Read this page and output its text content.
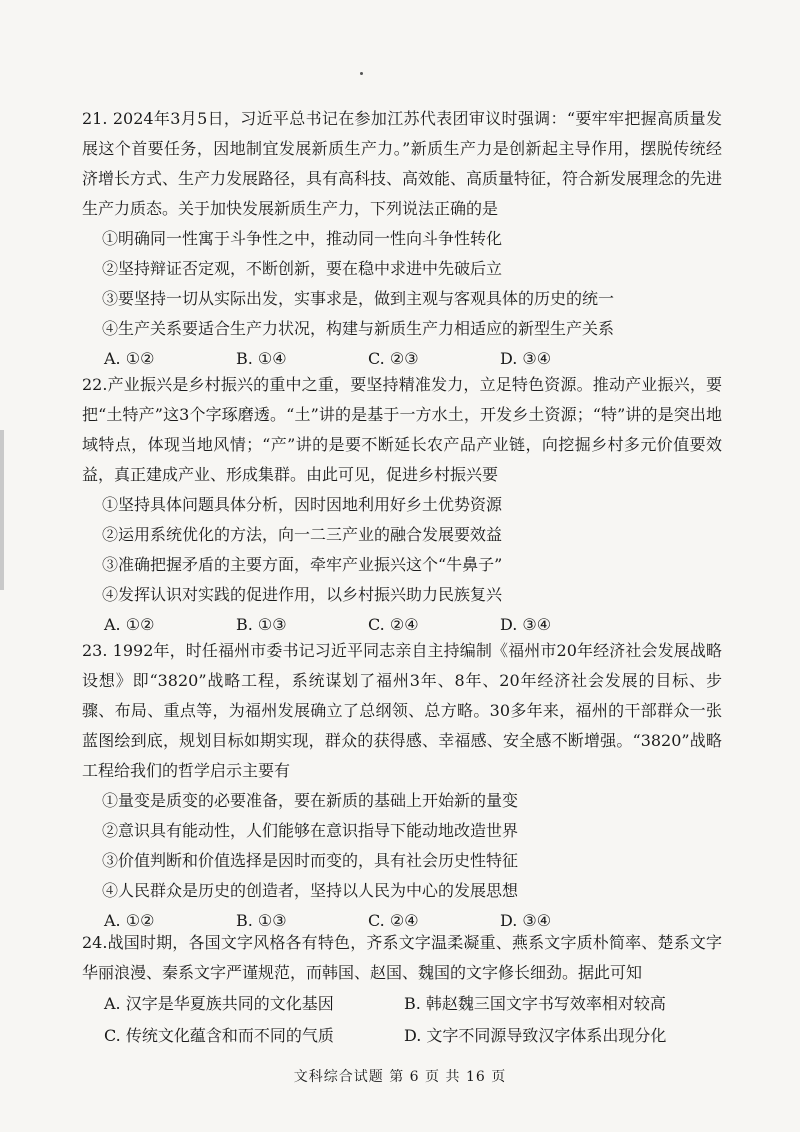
21. 2024年3月5日，习近平总书记在参加江苏代表团审议时强调：“要牢牢把握高质量发展这个首要任务，因地制宜发展新质生产力。”新质生产力是创新起主导作用，摆脱传统经济增长方式、生产力发展路径，具有高科技、高效能、高质量特征，符合新发展理念的先进生产力质态。关于加快发展新质生产力，下列说法正确的是

①明确同一性寓于斗争性之中，推动同一性向斗争性转化

②坚持辩证否定观，不断创新，要在稳中求进中先破后立

③要坚持一切从实际出发，实事求是，做到主观与客观具体的历史的统一

④生产关系要适合生产力状况，构建与新质生产力相适应的新型生产关系

A. ①②	B. ①④	C. ②③	D. ③④

22.产业振兴是乡村振兴的重中之重，要坚持精准发力，立足特色资源。推动产业振兴，要把“土特产”这3个字琢磨透。“土”讲的是基于一方水土，开发乡土资源；“特”讲的是突出地域特点，体现当地风情；“产”讲的是要不断延长农产品产业链，向挖掘乡村多元价值要效益，真正建成产业、形成集群。由此可见，促进乡村振兴要

①坚持具体问题具体分析，因时因地利用好乡土优势资源

②运用系统优化的方法，向一二三产业的融合发展要效益

③准确把握矛盾的主要方面，牵牢产业振兴这个“牛鼻子”

④发挥认识对实践的促进作用，以乡村振兴助力民族复兴

A. ①②	B. ①③	C. ②④	D. ③④

23. 1992年，时任福州市委书记习近平同志亲自主持编制《福州市20年经济社会发展战略设想》即“3820”战略工程，系统谋划了福州3年、8年、20年经济社会发展的目标、步骤、布局、重点等，为福州发展确立了总纲领、总方略。30多年来，福州的干部群众一张蓝图绘到底，规划目标如期实现，群众的获得感、幸福感、安全感不断增强。“3820”战略工程给我们的哲学启示主要有

①量变是质变的必要准备，要在新质的基础上开始新的量变

②意识具有能动性，人们能够在意识指导下能动地改造世界

③价值判断和价值选择是因时而变的，具有社会历史性特征

④人民群众是历史的创造者，坚持以人民为中心的发展思想

A. ①②	B. ①③	C. ②④	D. ③④

24.战国时期，各国文字风格各有特色，齐系文字温柔凝重、燕系文字质朴简率、楚系文字华丽浪漫、秦系文字严谨规范，而韩国、赵国、魏国的文字修长细劲。据此可知

A. 汉字是华夏族共同的文化基因	B. 韩赵魏三国文字书写效率相对较高
C. 传统文化蕴含和而不同的气质	D. 文字不同源导致汉字体系出现分化
文科综合试题 第 6 页 共 16 页
